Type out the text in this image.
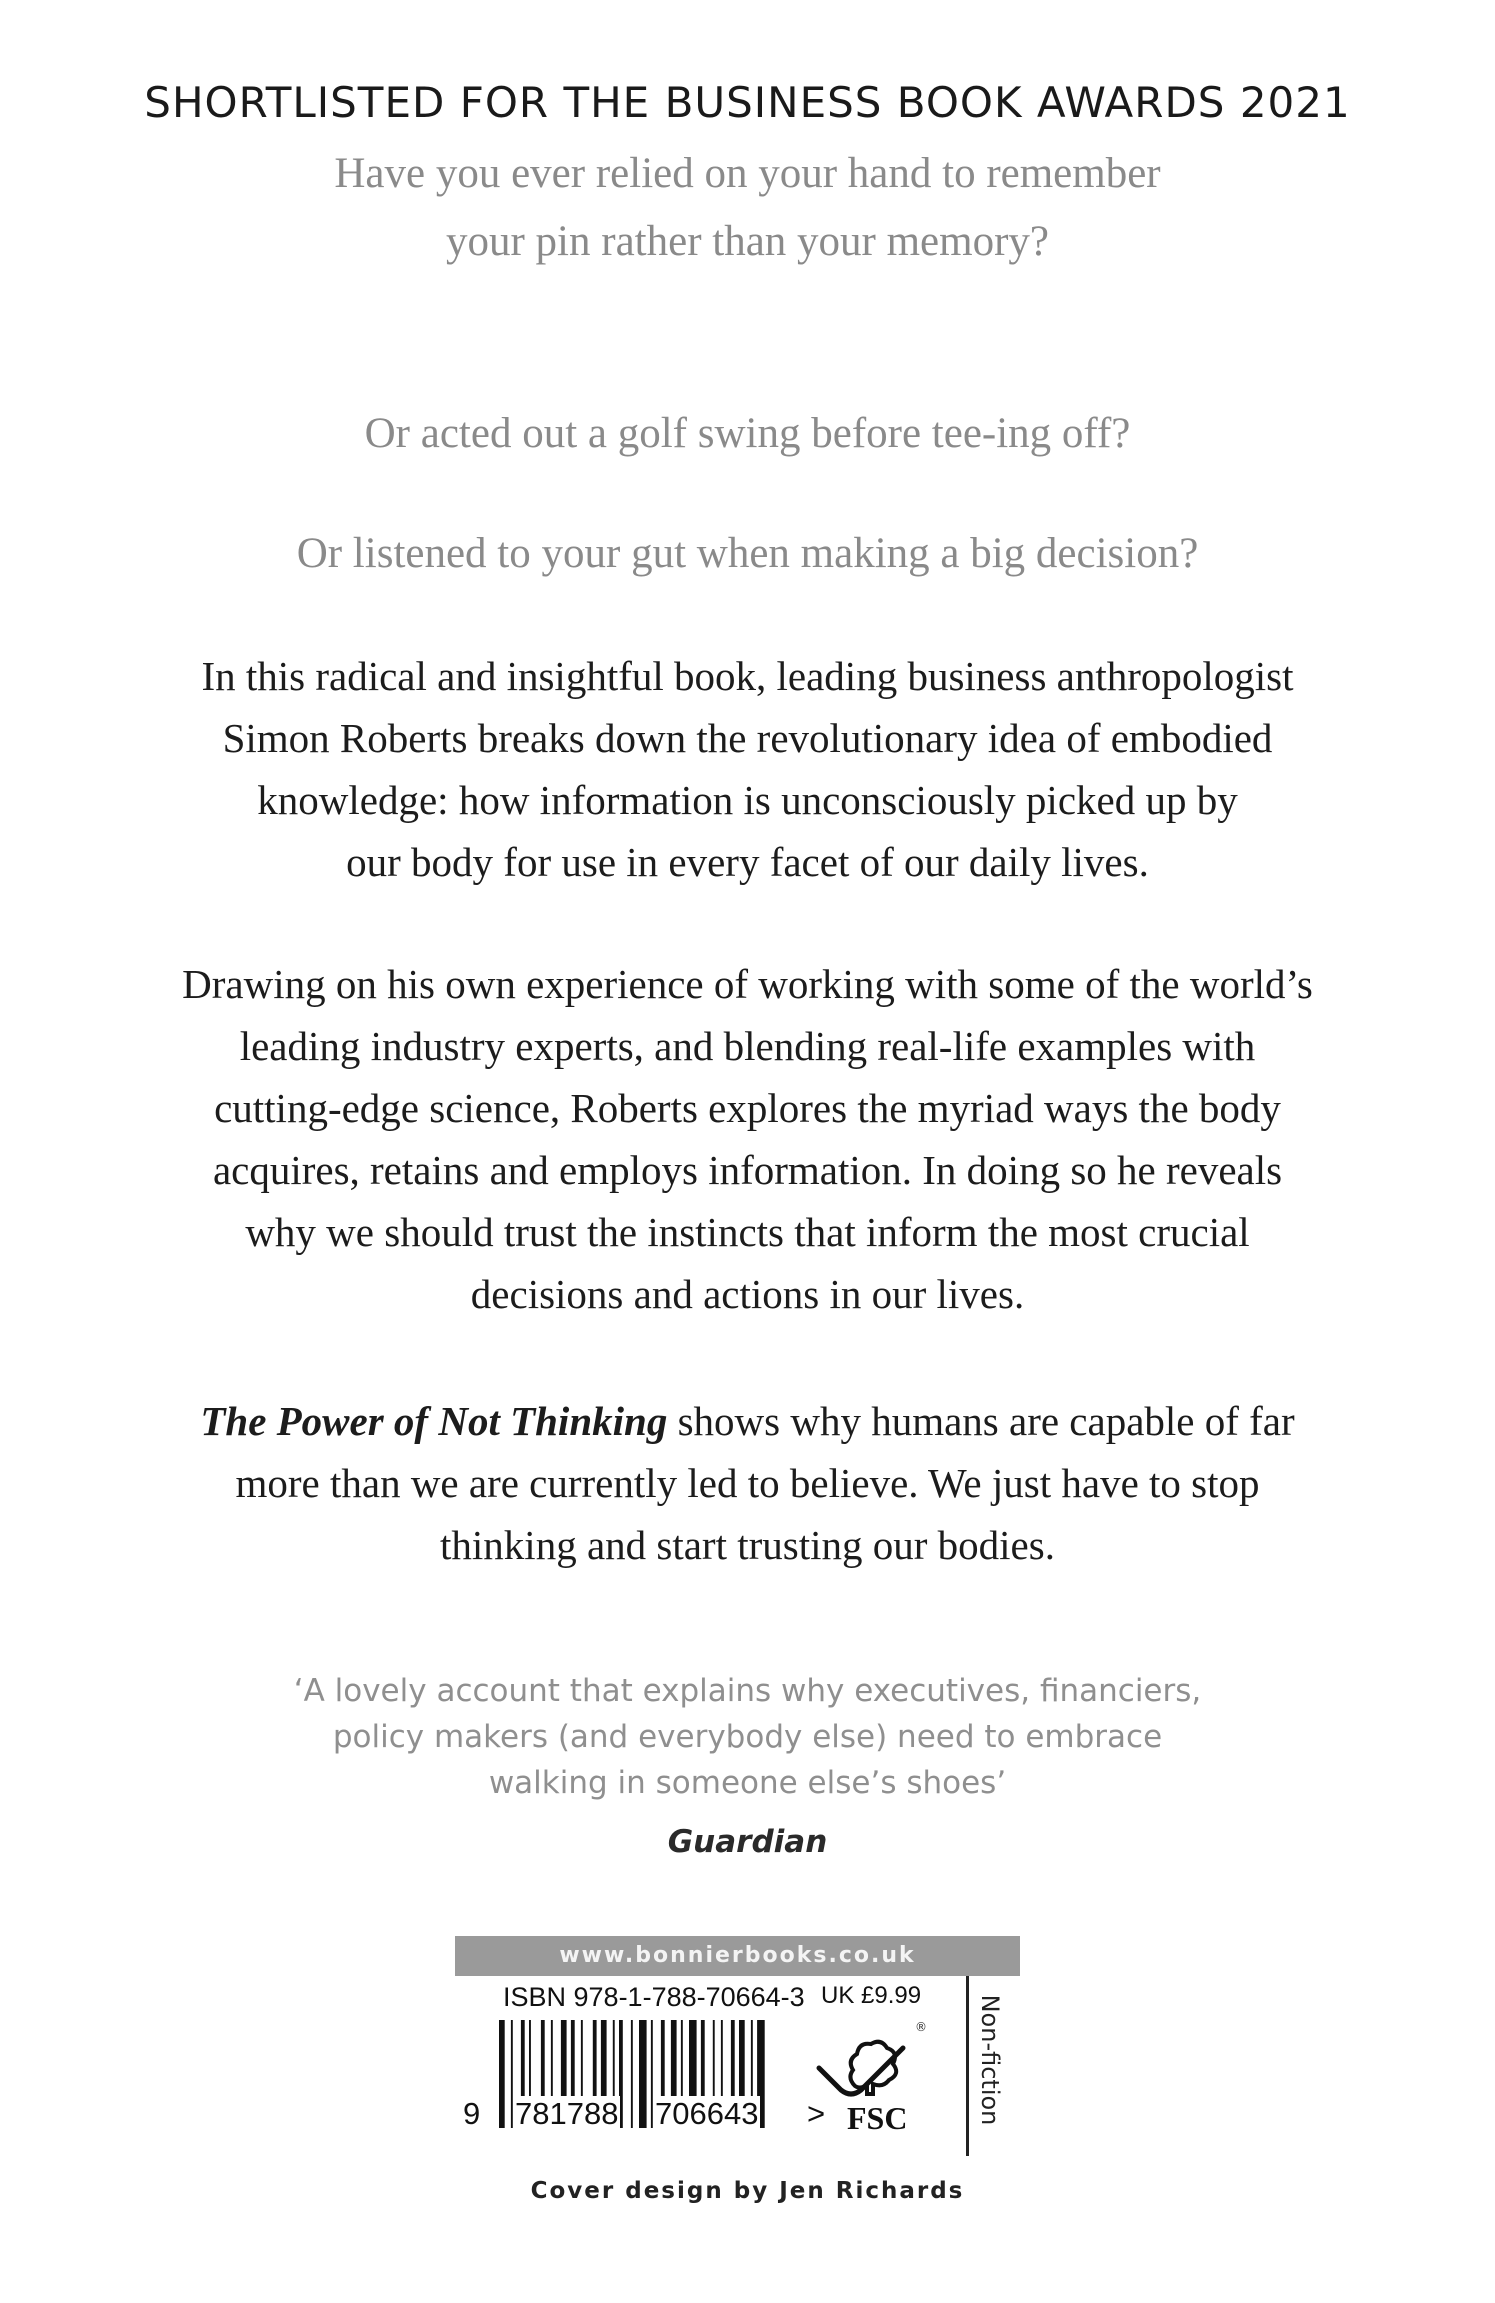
SHORTLISTED FOR THE BUSINESS BOOK AWARDS 2021
Have you ever relied on your hand to remember
your pin rather than your memory?
Or acted out a golf swing before tee-ing off?
Or listened to your gut when making a big decision?
In this radical and insightful book, leading business anthropologist
Simon Roberts breaks down the revolutionary idea of embodied
knowledge: how information is unconsciously picked up by
our body for use in every facet of our daily lives.
Drawing on his own experience of working with some of the world’s
leading industry experts, and blending real-life examples with
cutting-edge science, Roberts explores the myriad ways the body
acquires, retains and employs information. In doing so he reveals
why we should trust the instincts that inform the most crucial
decisions and actions in our lives.
The Power of Not Thinking shows why humans are capable of far
more than we are currently led to believe. We just have to stop
thinking and start trusting our bodies.
‘A lovely account that explains why executives, financiers,
policy makers (and everybody else) need to embrace
walking in someone else’s shoes’
Guardian
www.bonnierbooks.co.uk
ISBN 978-1-788-70664-3 UK £9.99
®
9 781788 706643 > FSC	Non-fiction
Cover design by Jen Richards
